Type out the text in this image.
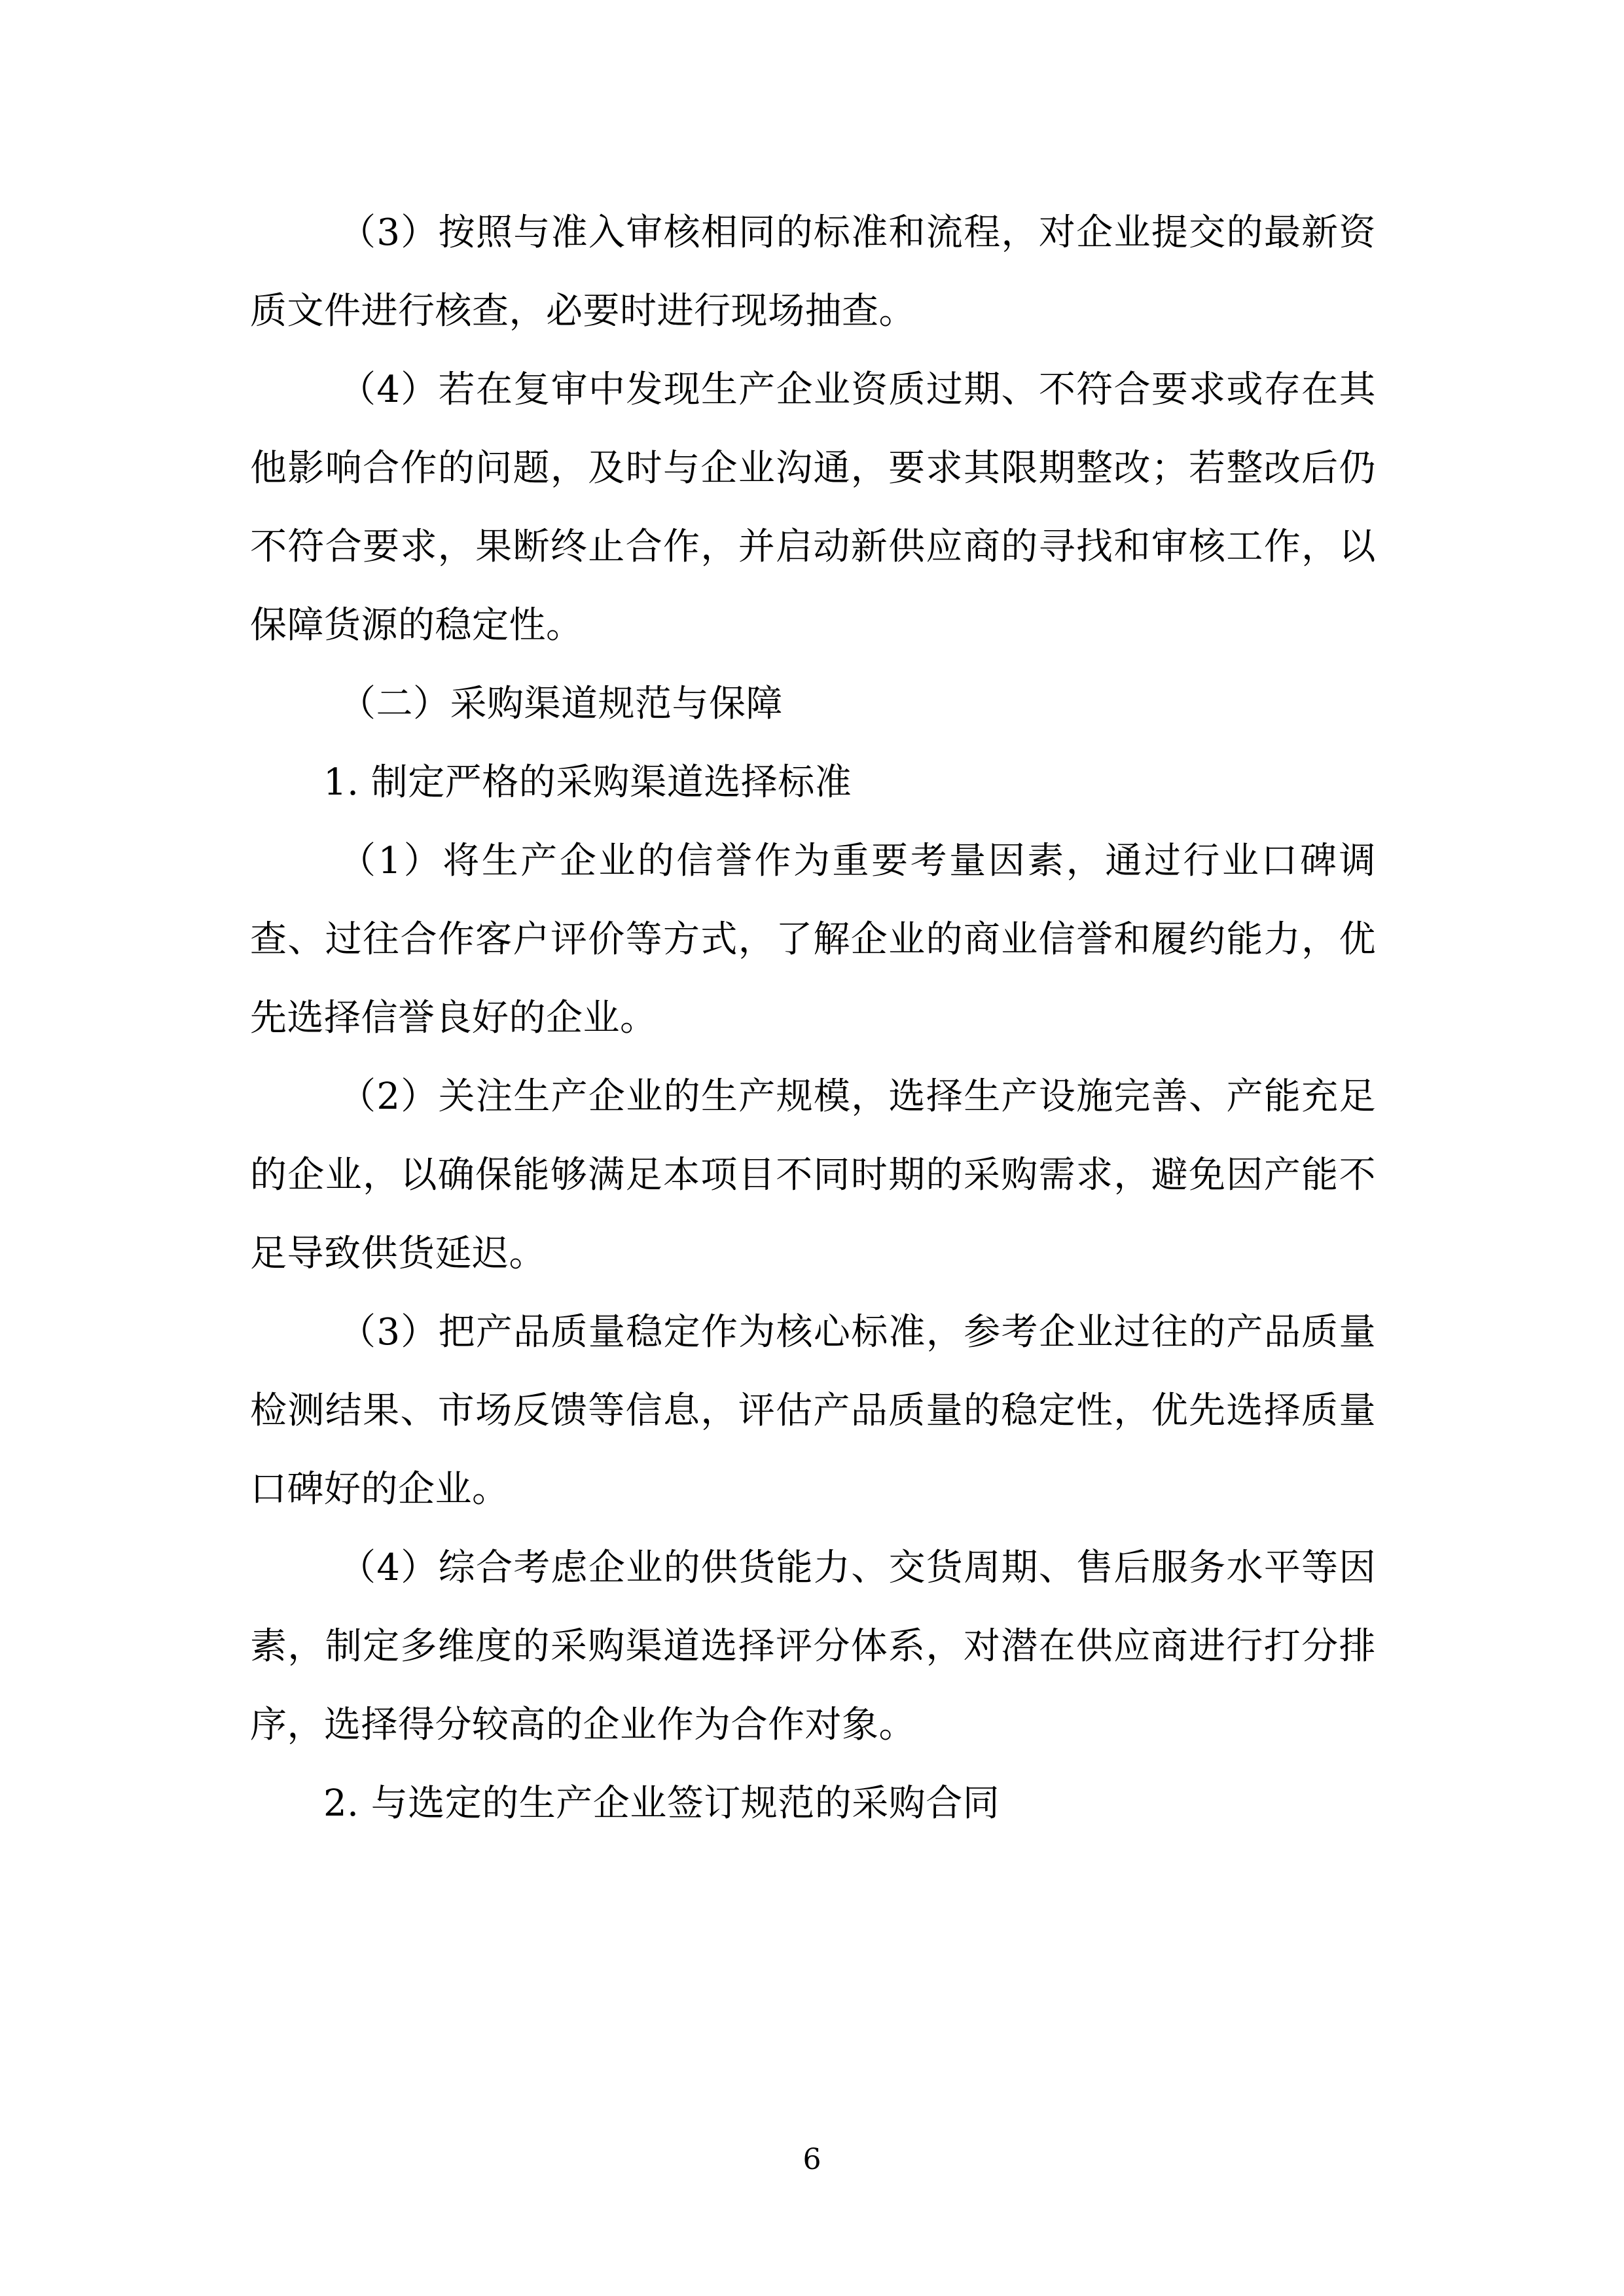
（3）按照与准入审核相同的标准和流程，对企业提交的最新资质文件进行核查，必要时进行现场抽查。

（4）若在复审中发现生产企业资质过期、不符合要求或存在其他影响合作的问题，及时与企业沟通，要求其限期整改；若整改后仍不符合要求，果断终止合作，并启动新供应商的寻找和审核工作，以保障货源的稳定性。

（二）采购渠道规范与保障

1. 制定严格的采购渠道选择标准

（1）将生产企业的信誉作为重要考量因素，通过行业口碑调查、过往合作客户评价等方式，了解企业的商业信誉和履约能力，优先选择信誉良好的企业。

（2）关注生产企业的生产规模，选择生产设施完善、产能充足的企业，以确保能够满足本项目不同时期的采购需求，避免因产能不足导致供货延迟。

（3）把产品质量稳定作为核心标准，参考企业过往的产品质量检测结果、市场反馈等信息，评估产品质量的稳定性，优先选择质量口碑好的企业。

（4）综合考虑企业的供货能力、交货周期、售后服务水平等因素，制定多维度的采购渠道选择评分体系，对潜在供应商进行打分排序，选择得分较高的企业作为合作对象。

2. 与选定的生产企业签订规范的采购合同

6
